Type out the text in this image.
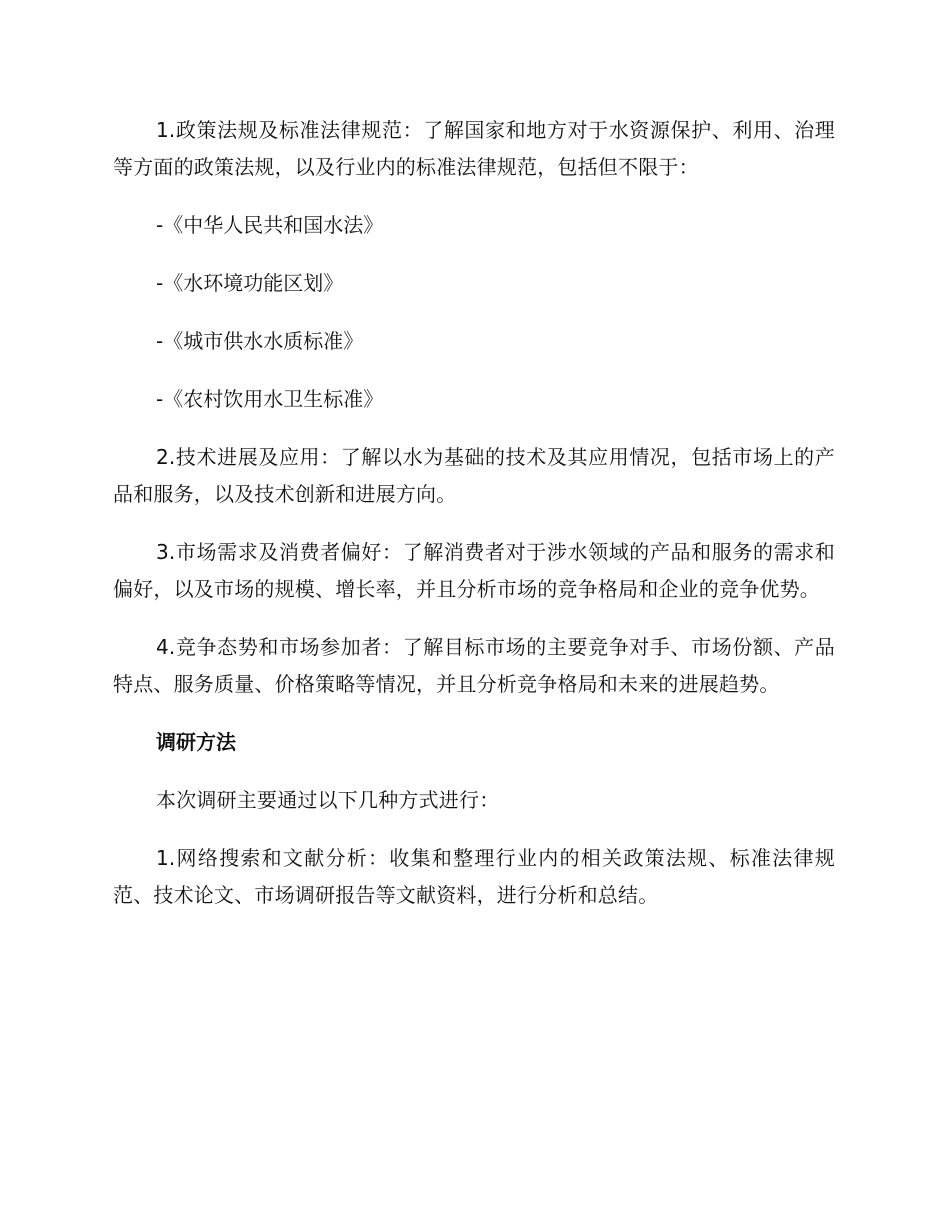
1.政策法规及标准法律规范：了解国家和地方对于水资源保护、利用、治理等方面的政策法规，以及行业内的标准法律规范，包括但不限于：

-《中华人民共和国水法》
-《水环境功能区划》
-《城市供水水质标准》
-《农村饮用水卫生标准》

2.技术进展及应用：了解以水为基础的技术及其应用情况，包括市场上的产品和服务，以及技术创新和进展方向。

3.市场需求及消费者偏好：了解消费者对于涉水领域的产品和服务的需求和偏好，以及市场的规模、增长率，并且分析市场的竞争格局和企业的竞争优势。

4.竞争态势和市场参加者：了解目标市场的主要竞争对手、市场份额、产品特点、服务质量、价格策略等情况，并且分析竞争格局和未来的进展趋势。

调研方法

本次调研主要通过以下几种方式进行：

1.网络搜索和文献分析：收集和整理行业内的相关政策法规、标准法律规范、技术论文、市场调研报告等文献资料，进行分析和总结。
